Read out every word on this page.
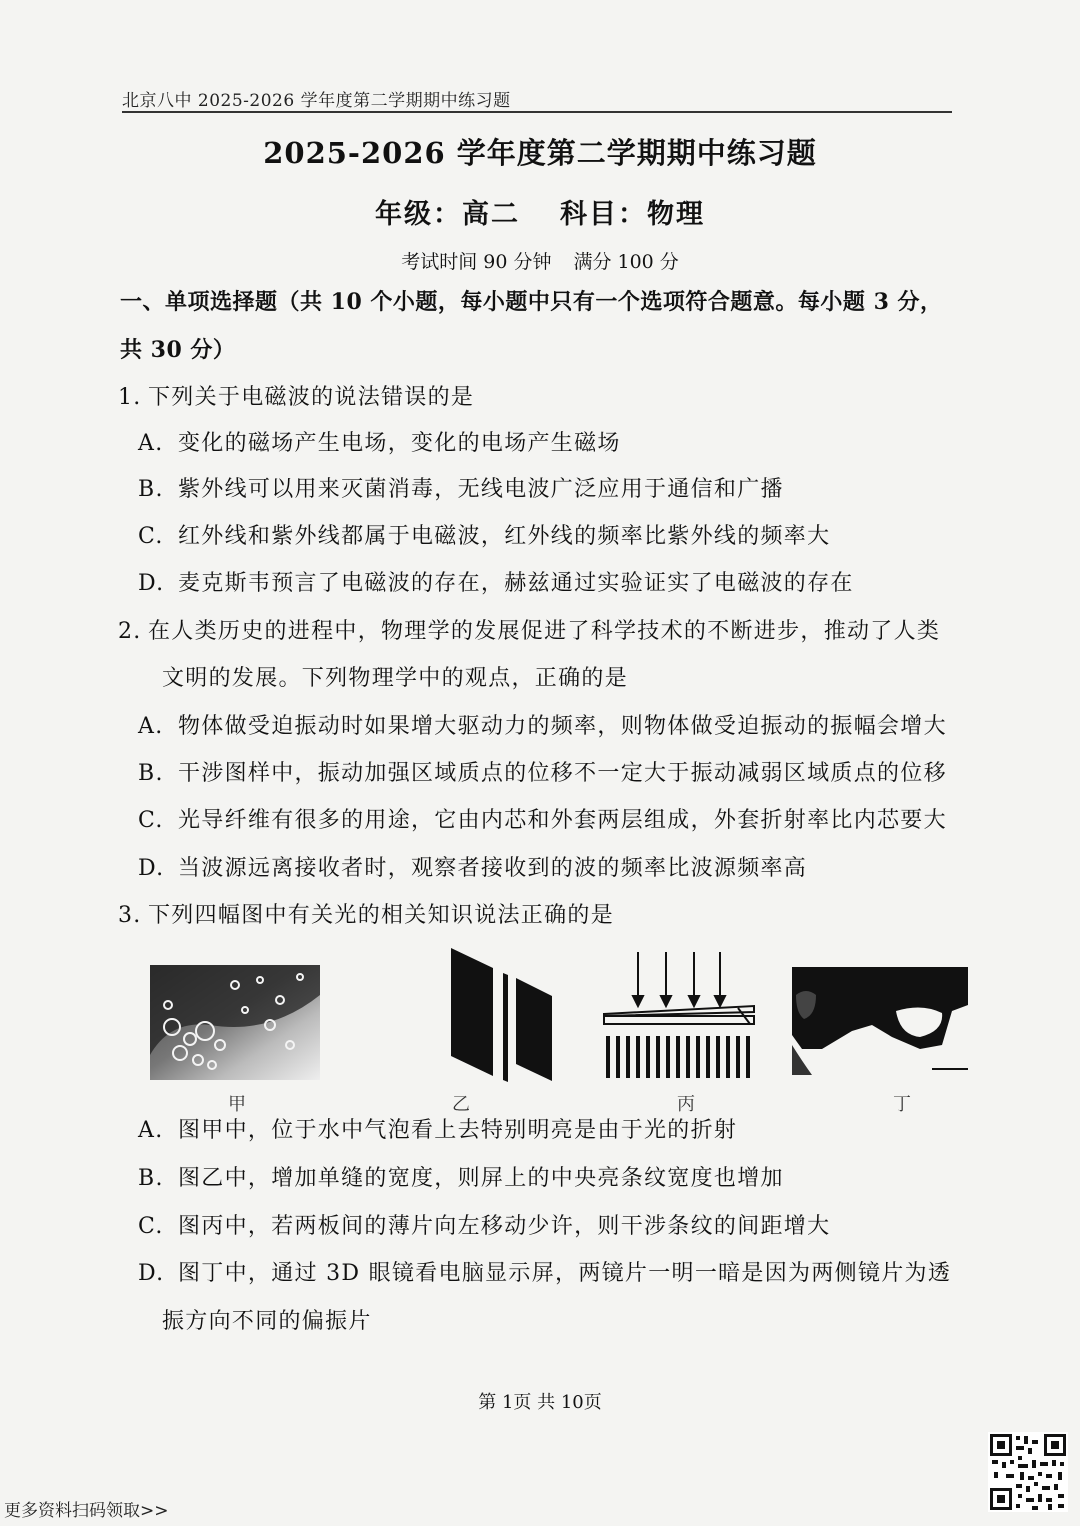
北京八中 2025-2026 学年度第二学期期中练习题
2025-2026 学年度第二学期期中练习题
年级：高二 科目：物理
考试时间 90 分钟 满分 100 分
一、单项选择题（共 10 个小题，每小题中只有一个选项符合题意。每小题 3 分，
共 30 分）
1. 下列关于电磁波的说法错误的是
A. 变化的磁场产生电场，变化的电场产生磁场
B. 紫外线可以用来灭菌消毒，无线电波广泛应用于通信和广播
C. 红外线和紫外线都属于电磁波，红外线的频率比紫外线的频率大
D. 麦克斯韦预言了电磁波的存在，赫兹通过实验证实了电磁波的存在
2. 在人类历史的进程中，物理学的发展促进了科学技术的不断进步，推动了人类
文明的发展。下列物理学中的观点，正确的是
A. 物体做受迫振动时如果增大驱动力的频率，则物体做受迫振动的振幅会增大
B. 干涉图样中，振动加强区域质点的位移不一定大于振动减弱区域质点的位移
C. 光导纤维有很多的用途，它由内芯和外套两层组成，外套折射率比内芯要大
D. 当波源远离接收者时，观察者接收到的波的频率比波源频率高
3. 下列四幅图中有关光的相关知识说法正确的是
甲	乙	丙	丁
A. 图甲中，位于水中气泡看上去特别明亮是由于光的折射
B. 图乙中，增加单缝的宽度，则屏上的中央亮条纹宽度也增加
C. 图丙中，若两板间的薄片向左移动少许，则干涉条纹的间距增大
D. 图丁中，通过 3D 眼镜看电脑显示屏，两镜片一明一暗是因为两侧镜片为透
振方向不同的偏振片
第 1页 共 10页
更多资料扫码领取>>
